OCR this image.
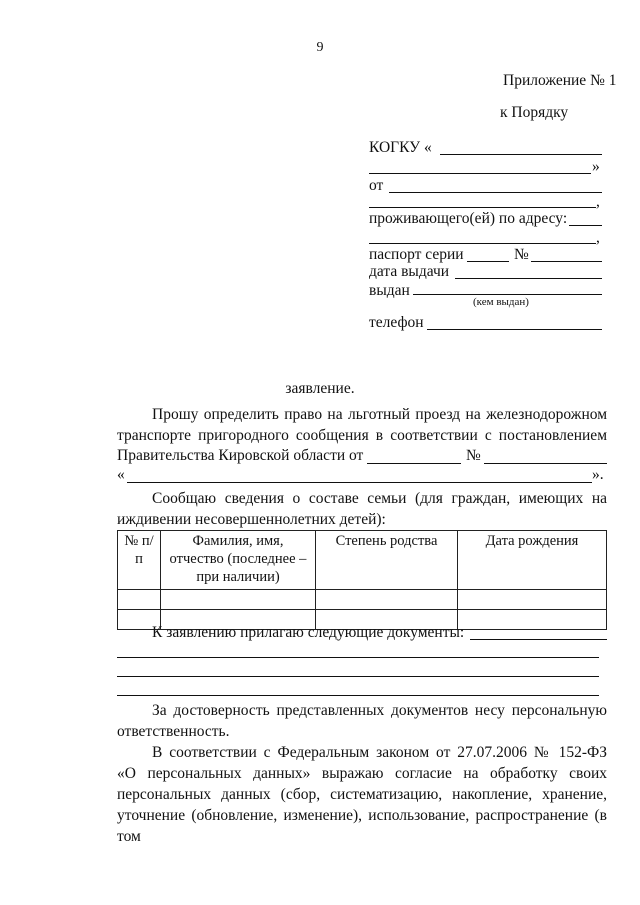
9
Приложение № 1
к Порядку
КОГКУ «
»
от
,
проживающего(ей) по адресу:
,
паспорт серии	№
дата выдачи
выдан
(кем выдан)
телефон
заявление.
Прошу определить право на льготный проезд на железнодорожном
транспорте пригородного сообщения в соответствии с постановлением
Правительства Кировской области от	№
«	».
Сообщаю сведения о составе семьи (для граждан, имеющих на
иждивении несовершеннолетних детей):
№ п/п	Фамилия, имя, отчество (последнее – при наличии)	Степень родства	Дата рождения

К заявлению прилагаю следующие документы:
За достоверность представленных документов несу персональную
ответственность.
В соответствии с Федеральным законом от 27.07.2006 № 152-ФЗ
«О персональных данных» выражаю согласие на обработку своих
персональных данных (сбор, систематизацию, накопление, хранение,
уточнение (обновление, изменение), использование, распространение (в том
